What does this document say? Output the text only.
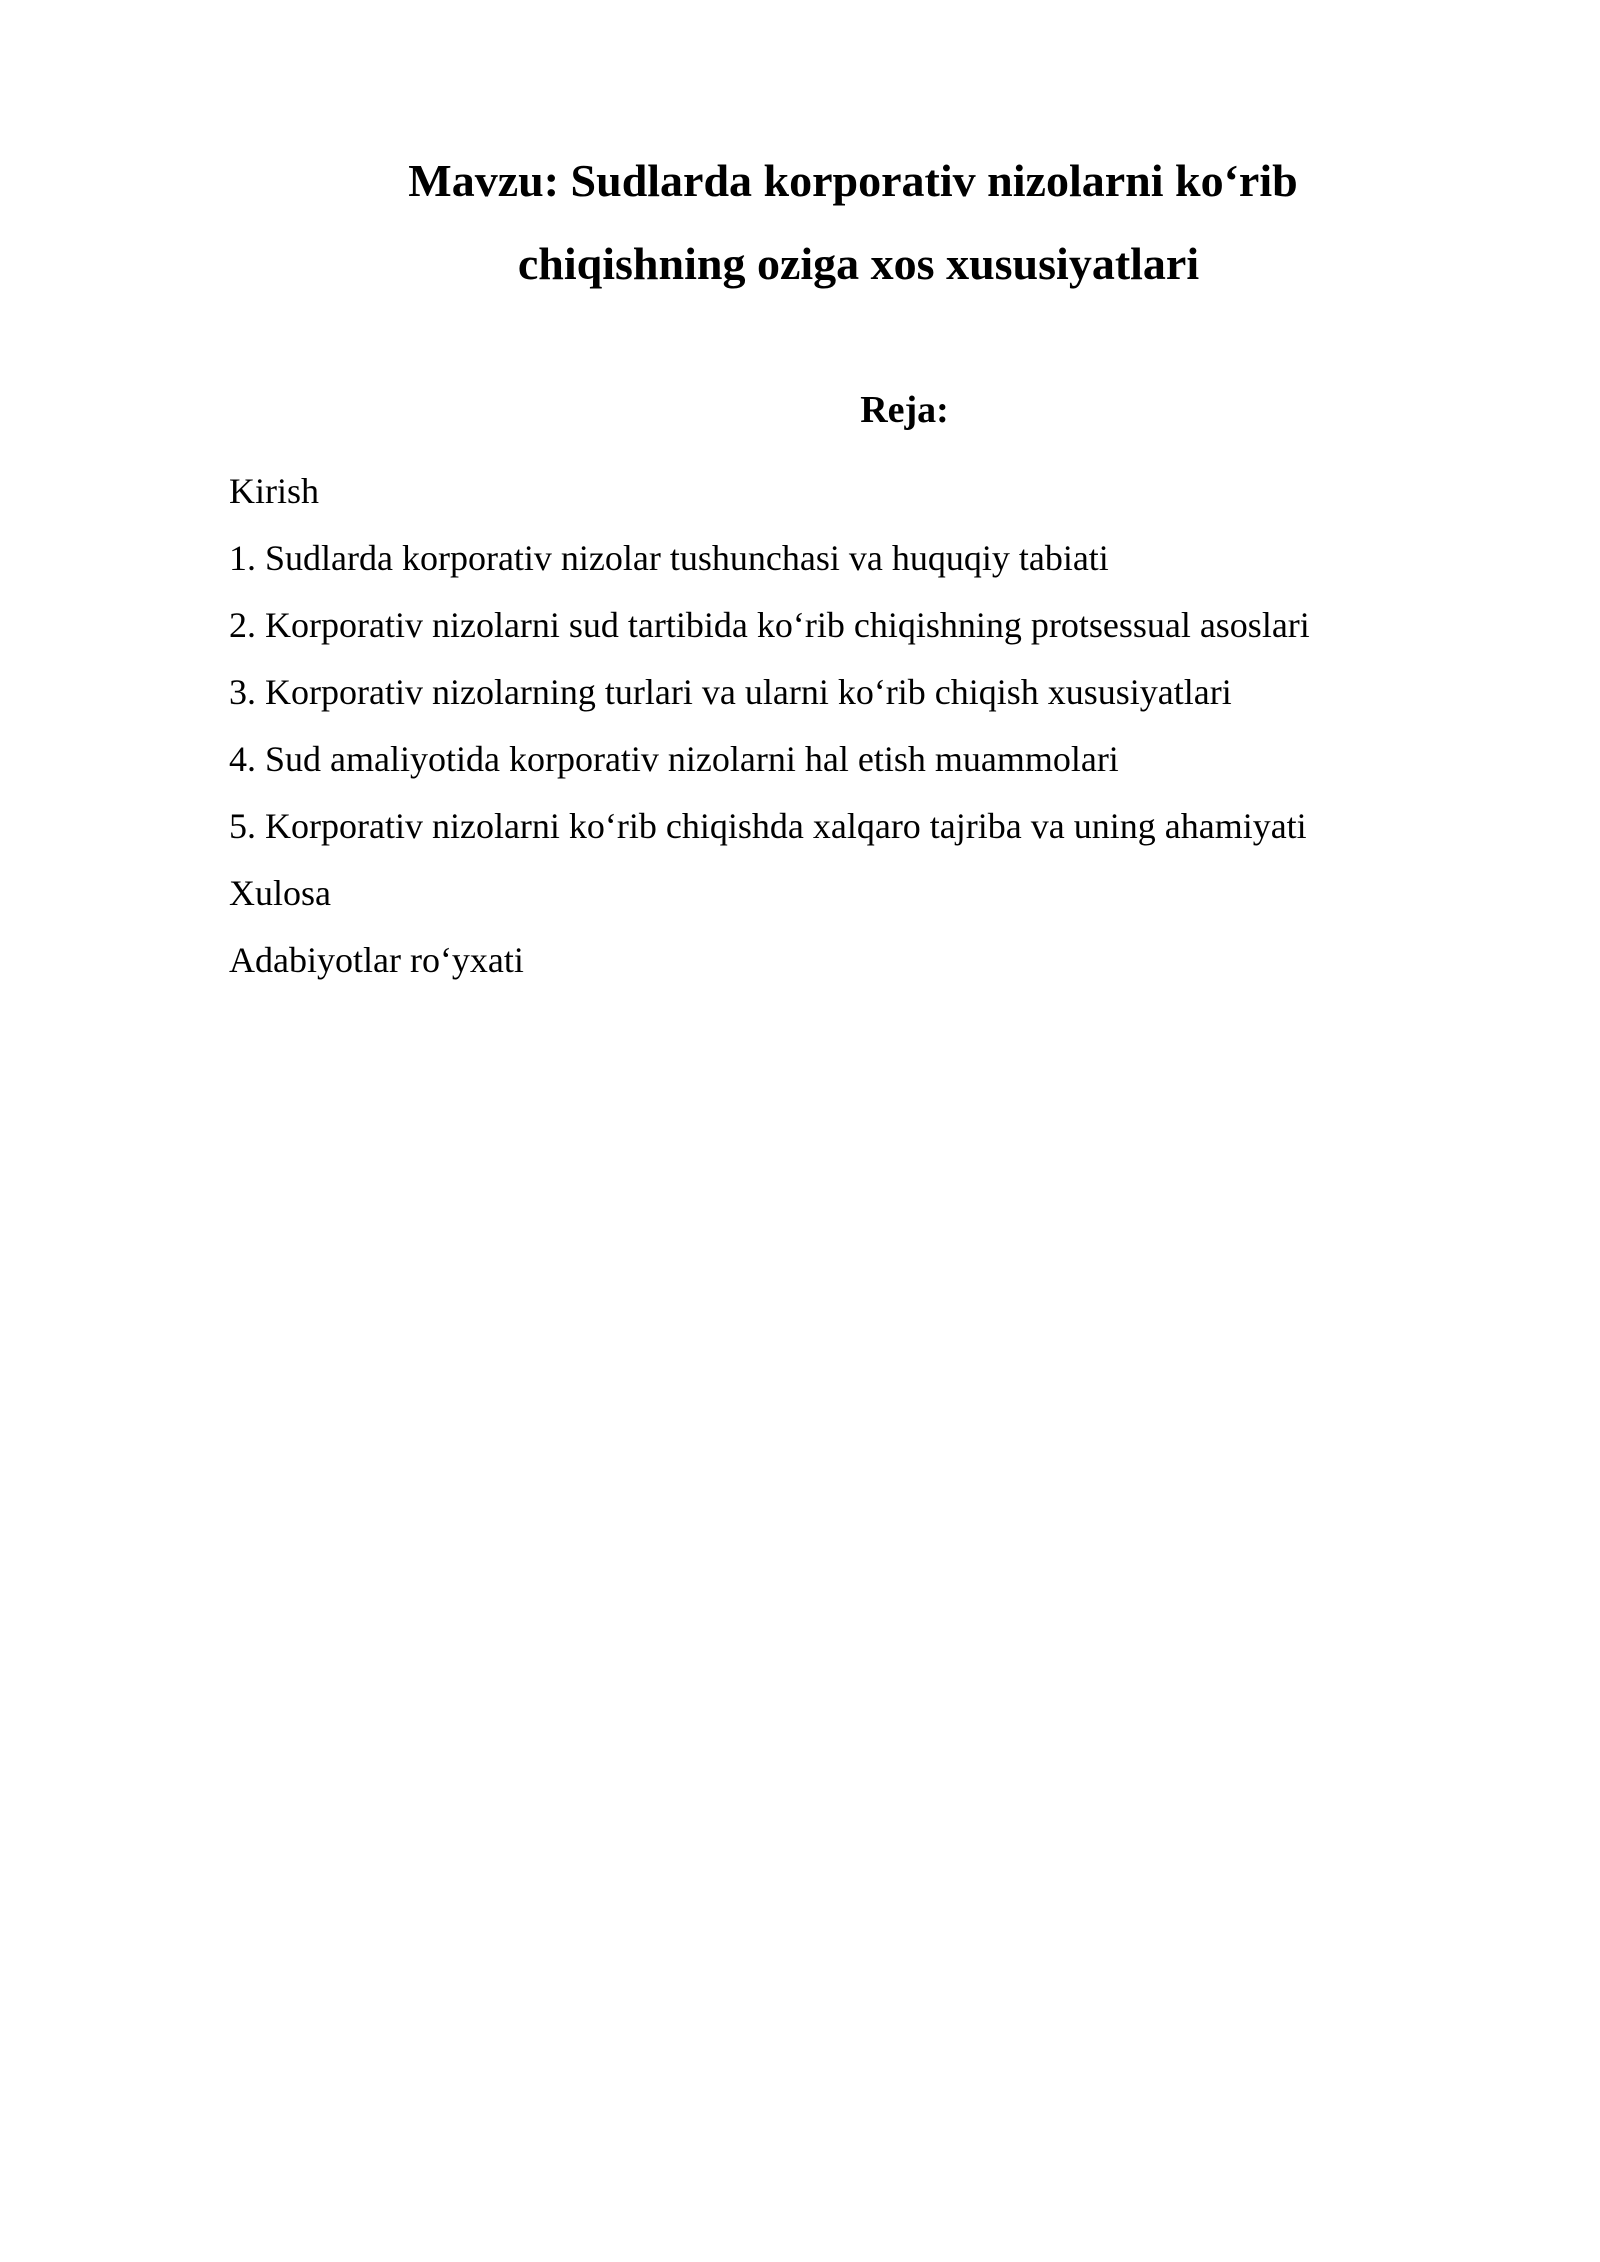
Mavzu: Sudlarda korporativ nizolarni ko‘rib
chiqishning oziga xos xususiyatlari
Reja:
Kirish
1. Sudlarda korporativ nizolar tushunchasi va huquqiy tabiati
2. Korporativ nizolarni sud tartibida ko‘rib chiqishning protsessual asoslari
3. Korporativ nizolarning turlari va ularni ko‘rib chiqish xususiyatlari
4. Sud amaliyotida korporativ nizolarni hal etish muammolari
5. Korporativ nizolarni ko‘rib chiqishda xalqaro tajriba va uning ahamiyati
Xulosa
Adabiyotlar ro‘yxati
